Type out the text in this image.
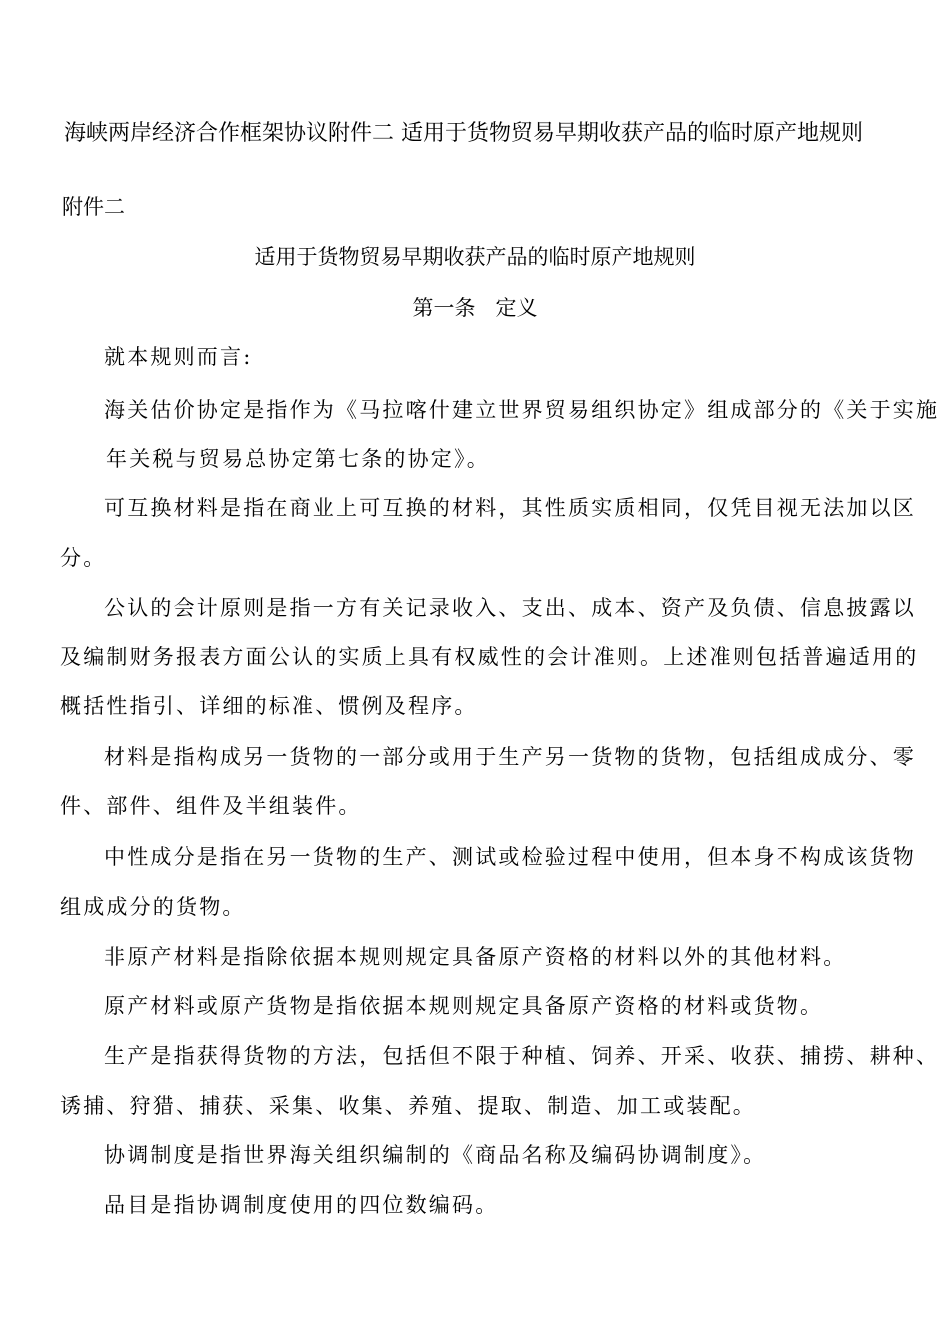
海峡两岸经济合作框架协议附件二 适用于货物贸易早期收获产品的临时原产地规则

附件二

适用于货物贸易早期收获产品的临时原产地规则

第一条   定义

就本规则而言:

海关估价协定是指作为《马拉喀什建立世界贸易组织协定》组成部分的《关于实施

年关税与贸易总协定第七条的协定》。

可互换材料是指在商业上可互换的材料，其性质实质相同，仅凭目视无法加以区

分。

公认的会计原则是指一方有关记录收入、支出、成本、资产及负债、信息披露以

及编制财务报表方面公认的实质上具有权威性的会计准则。上述准则包括普遍适用的

概括性指引、详细的标准、惯例及程序。

材料是指构成另一货物的一部分或用于生产另一货物的货物，包括组成成分、零

件、部件、组件及半组装件。

中性成分是指在另一货物的生产、测试或检验过程中使用，但本身不构成该货物

组成成分的货物。

非原产材料是指除依据本规则规定具备原产资格的材料以外的其他材料。

原产材料或原产货物是指依据本规则规定具备原产资格的材料或货物。

生产是指获得货物的方法，包括但不限于种植、饲养、开采、收获、捕捞、耕种、

诱捕、狩猎、捕获、采集、收集、养殖、提取、制造、加工或装配。

协调制度是指世界海关组织编制的《商品名称及编码协调制度》。

品目是指协调制度使用的四位数编码。
